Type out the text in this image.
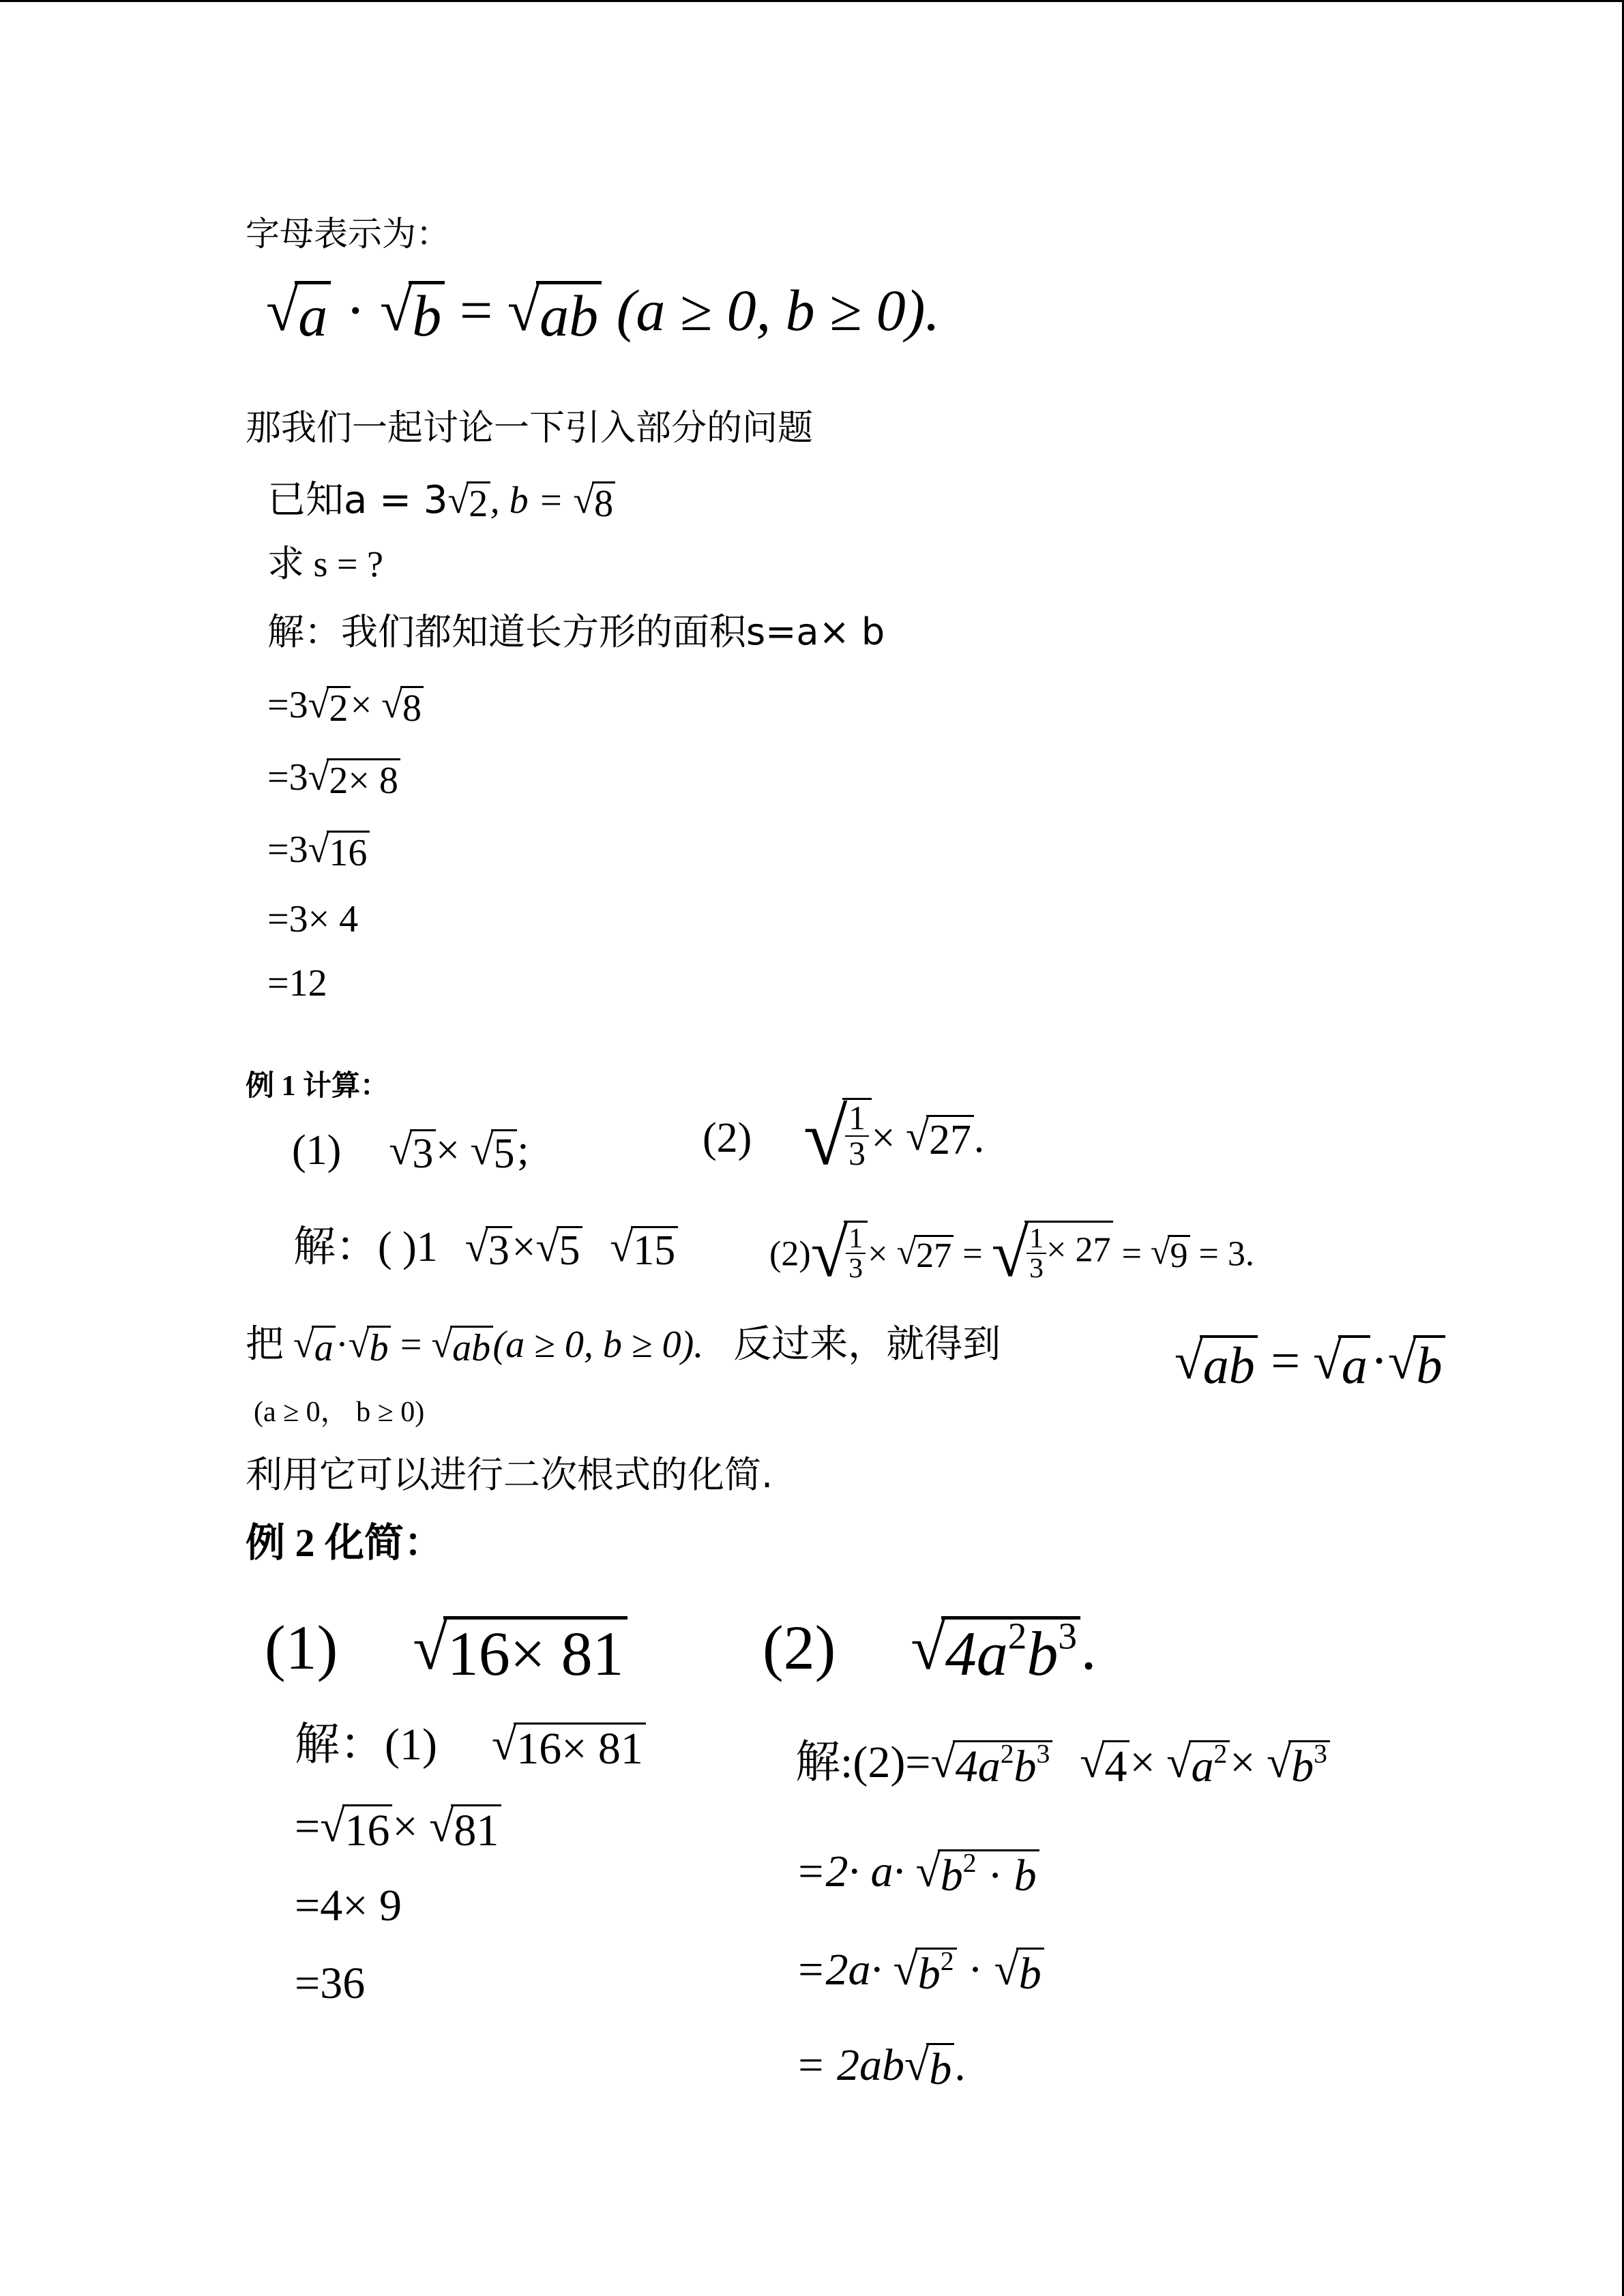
字母表示为：
√ a · √ b = √ ab (a ≥ 0, b ≥ 0).
那我们一起讨论一下引入部分的问题
已知a = 3 √ 2 , b = √ 8
求 s = ?
解：我们都知道长方形的面积s=a× b
=3 √ 2 × √ 8
=3 √ 2× 8
=3 √ 16
=3× 4
=12
例 1 计算：
(1) √ 3 × √ 5 ;	(2) √
$\frac{1}{3}$ × √ 27 .
解：( )1 √ 3 × √ 5 √ 15	(2) √
$\frac{1}{3}$ × √ 27 = √
$\frac{1}{3} \times 27$ = √ 9 = 3.
把 √ a · √ b = √ ab (a ≥ 0, b ≥ 0). 反过来，就得到	√ ab = √ a · √ b
(a ≥ 0， b ≥ 0)
利用它可以进行二次根式的化简.
例 2 化简：
(1) √ 16× 81 (2) √ $4a^2b^3$ .
解：(1) √ 16× 81
= √ 16 × √ 81
=4× 9
=36
解:(2)= √ $4a^2b^3$ √ 4 × √ $a^2$ × √ $b^3$
=2· a· √ $b^2 \cdot b$
=2a· √ $b^2$ · √ b
= 2ab √ b .
